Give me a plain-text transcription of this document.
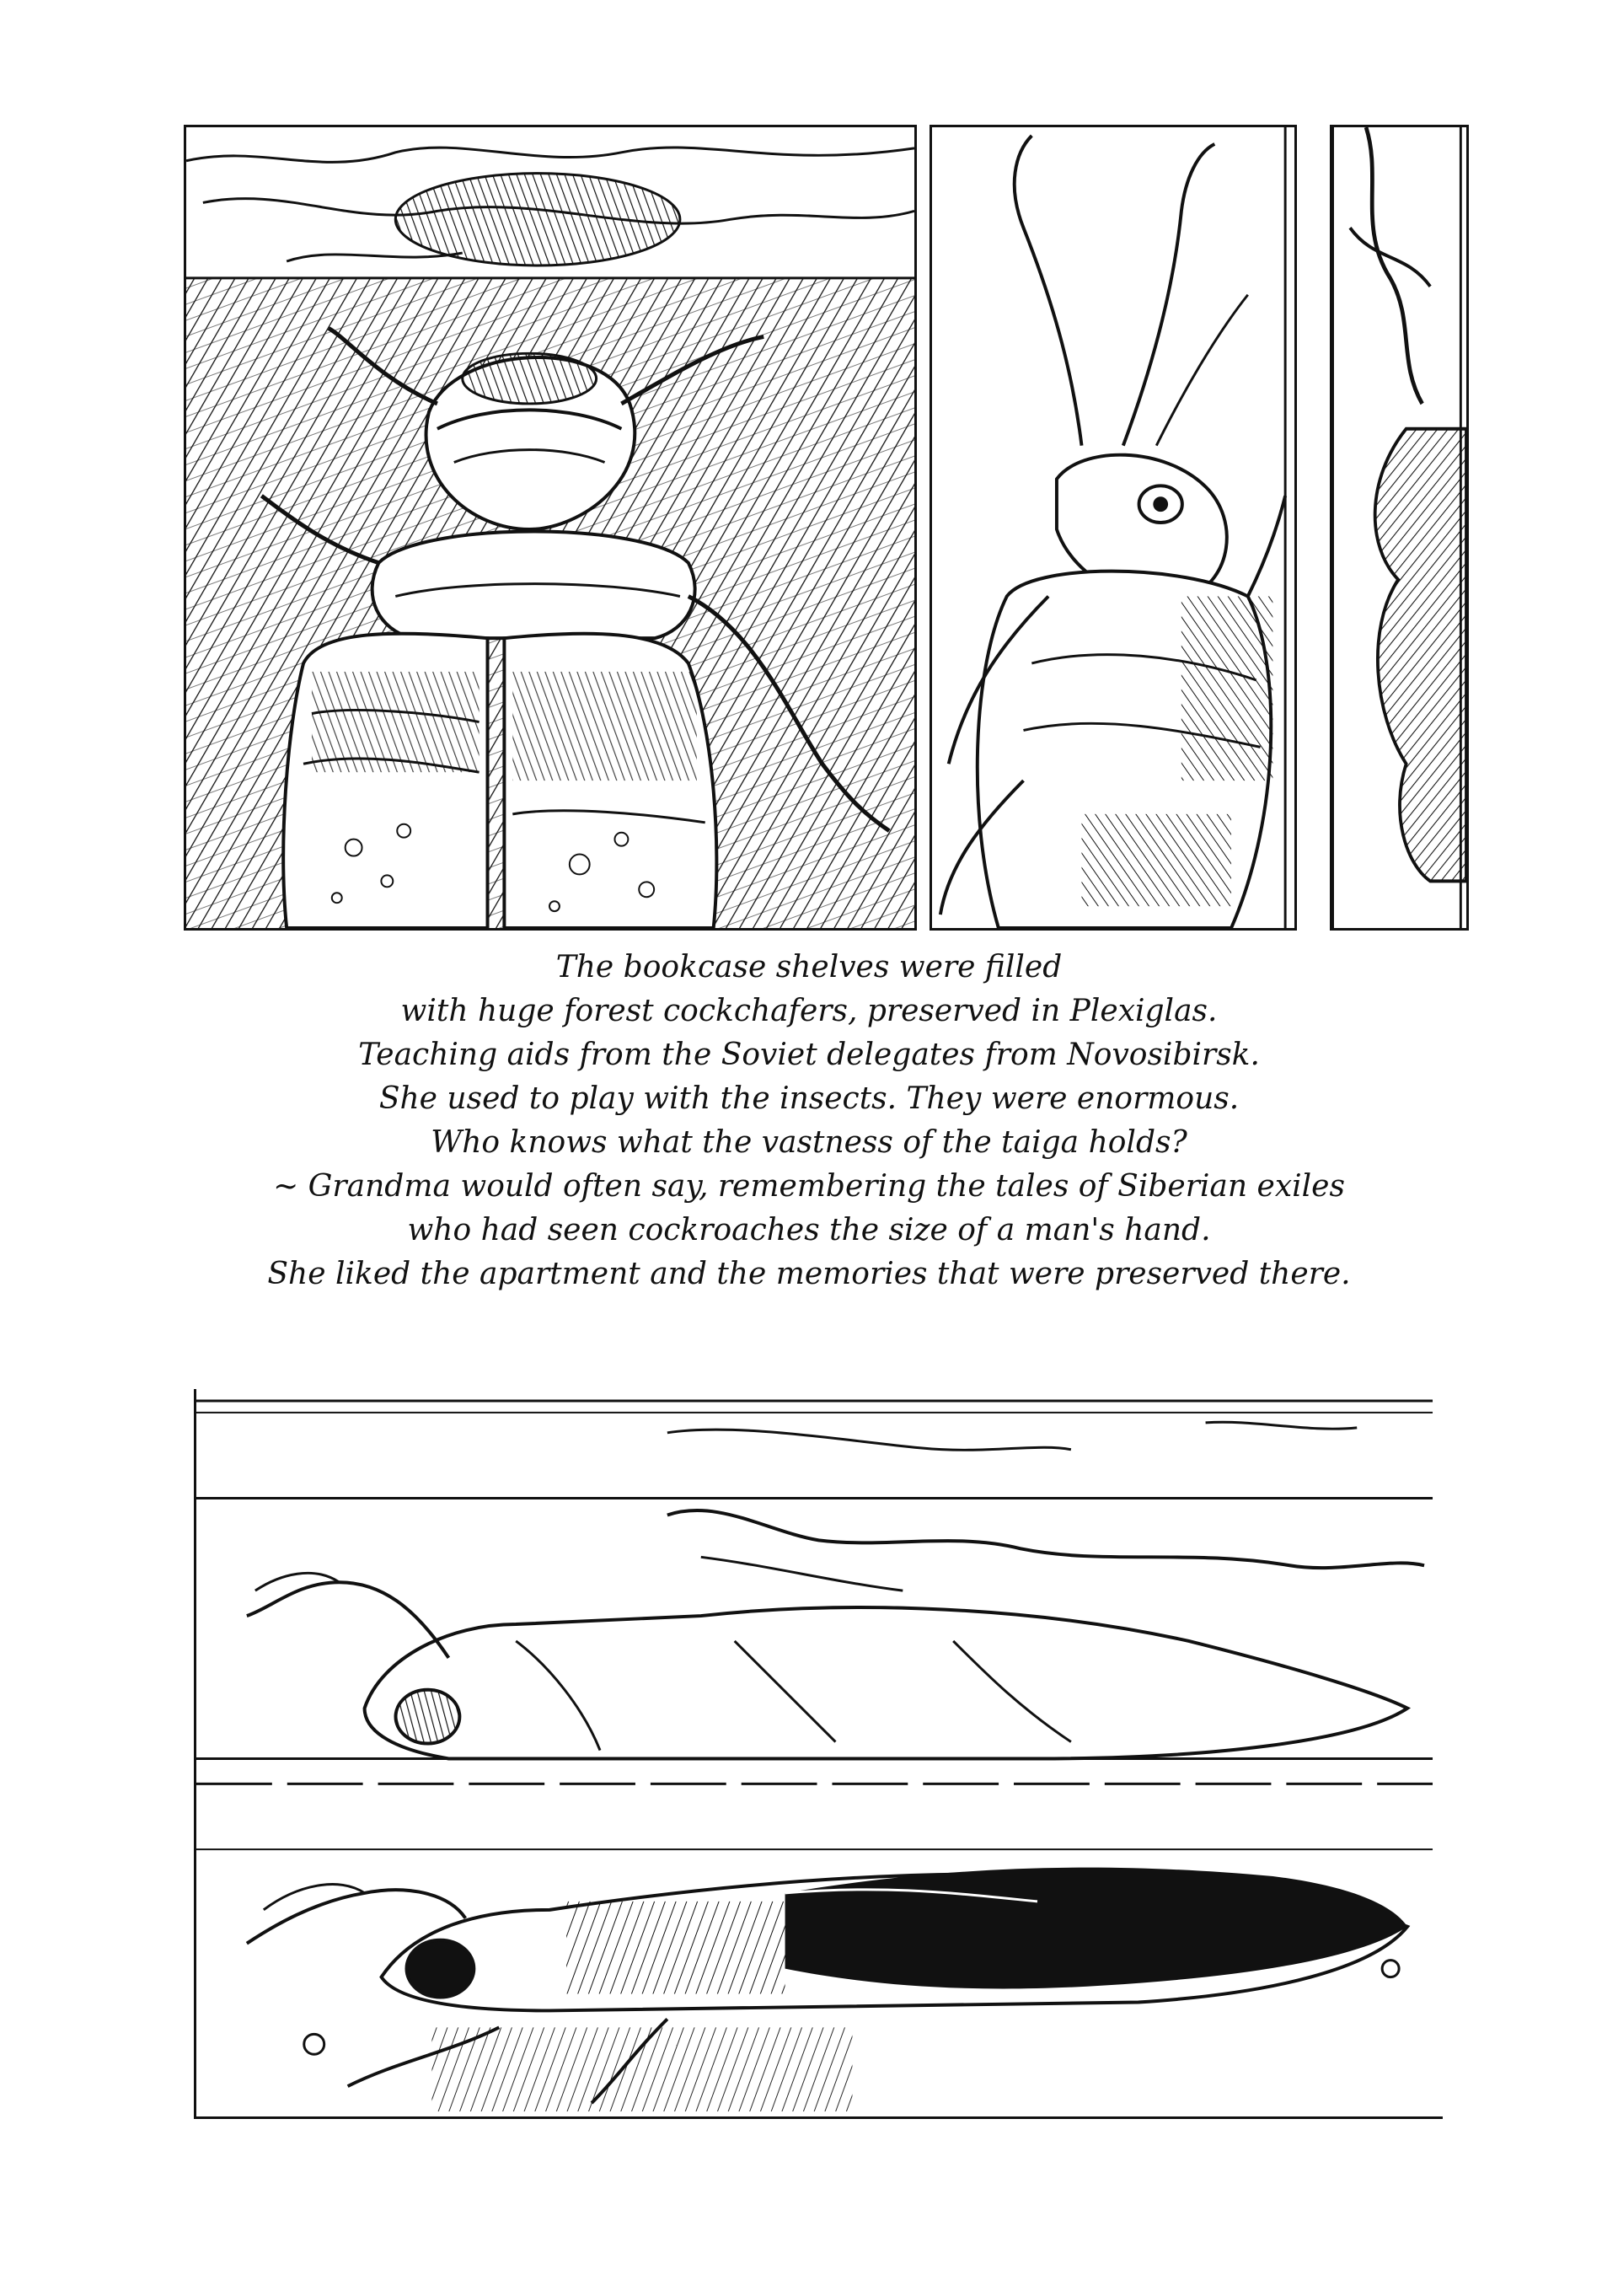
The bookcase shelves were filled
with huge forest cockchafers, preserved in Plexiglas.
Teaching aids from the Soviet delegates from Novosibirsk.
She used to play with the insects. They were enormous.
Who knows what the vastness of the taiga holds?
~ Grandma would often say, remembering the tales of Siberian exiles
who had seen cockroaches the size of a man's hand.
She liked the apartment and the memories that were preserved there.
